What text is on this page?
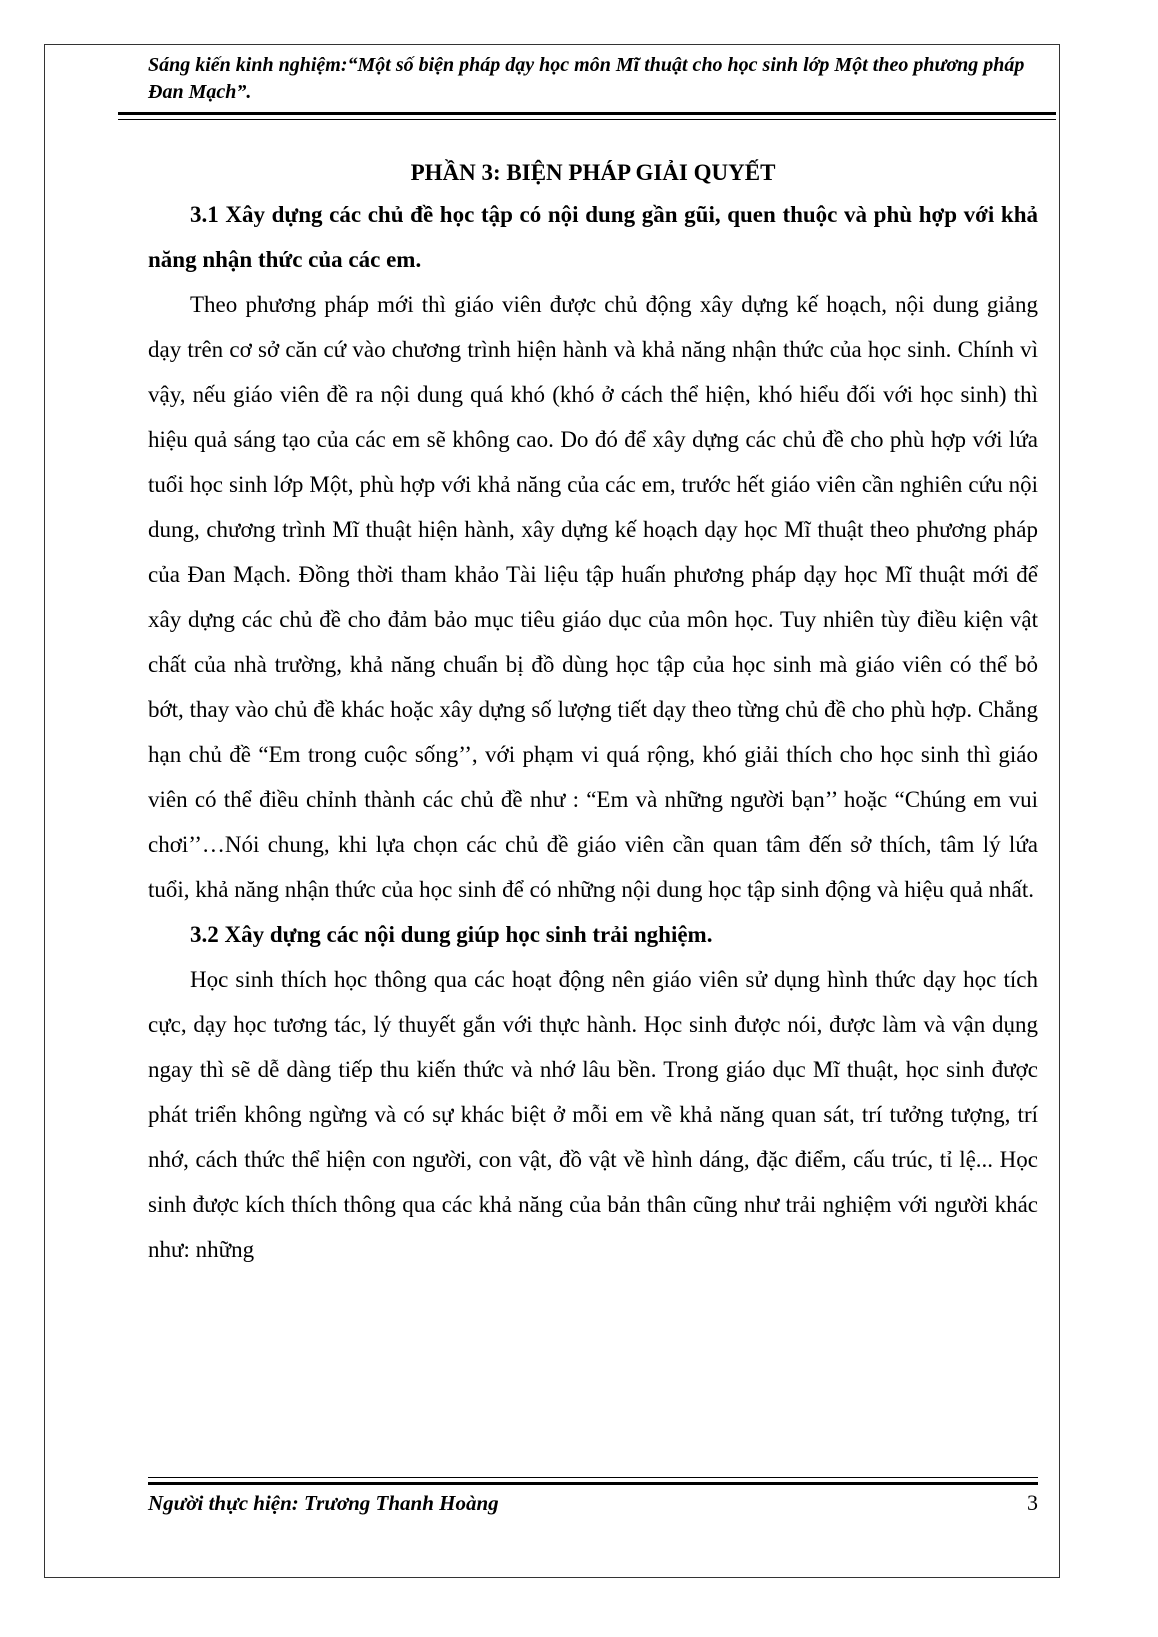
Sáng kiến kinh nghiệm:“Một số biện pháp dạy học môn Mĩ thuật cho học sinh lớp Một theo phương pháp Đan Mạch”.
PHẦN 3: BIỆN PHÁP GIẢI QUYẾT

3.1 Xây dựng các chủ đề học tập có nội dung gần gũi, quen thuộc và phù hợp với khả năng nhận thức của các em.

Theo phương pháp mới thì giáo viên được chủ động xây dựng kế hoạch, nội dung giảng dạy trên cơ sở căn cứ vào chương trình hiện hành và khả năng nhận thức của học sinh. Chính vì vậy, nếu giáo viên đề ra nội dung quá khó (khó ở cách thể hiện, khó hiểu đối với học sinh) thì hiệu quả sáng tạo của các em sẽ không cao. Do đó để xây dựng các chủ đề cho phù hợp với lứa tuổi học sinh lớp Một, phù hợp với khả năng của các em, trước hết giáo viên cần nghiên cứu nội dung, chương trình Mĩ thuật hiện hành, xây dựng kế hoạch dạy học Mĩ thuật theo phương pháp của Đan Mạch. Đồng thời tham khảo Tài liệu tập huấn phương pháp dạy học Mĩ thuật mới để xây dựng các chủ đề cho đảm bảo mục tiêu giáo dục của môn học. Tuy nhiên tùy điều kiện vật chất của nhà trường, khả năng chuẩn bị đồ dùng học tập của học sinh mà giáo viên có thể bỏ bớt, thay vào chủ đề khác hoặc xây dựng số lượng tiết dạy theo từng chủ đề cho phù hợp. Chẳng hạn chủ đề “Em trong cuộc sống’’, với phạm vi quá rộng, khó giải thích cho học sinh thì giáo viên có thể điều chỉnh thành các chủ đề như : “Em và những người bạn’’ hoặc “Chúng em vui chơi’’…Nói chung, khi lựa chọn các chủ đề giáo viên cần quan tâm đến sở thích, tâm lý lứa tuổi, khả năng nhận thức của học sinh để có những nội dung học tập sinh động và hiệu quả nhất.

3.2 Xây dựng các nội dung giúp học sinh trải nghiệm.

Học sinh thích học thông qua các hoạt động nên giáo viên sử dụng hình thức dạy học tích cực, dạy học tương tác, lý thuyết gắn với thực hành. Học sinh được nói, được làm và vận dụng ngay thì sẽ dễ dàng tiếp thu kiến thức và nhớ lâu bền. Trong giáo dục Mĩ thuật, học sinh được phát triển không ngừng và có sự khác biệt ở mỗi em về khả năng quan sát, trí tưởng tượng, trí nhớ, cách thức thể hiện con người, con vật, đồ vật về hình dáng, đặc điểm, cấu trúc, tỉ lệ... Học sinh được kích thích thông qua các khả năng của bản thân cũng như trải nghiệm với người khác như: những

Người thực hiện: Trương Thanh Hoàng	3
